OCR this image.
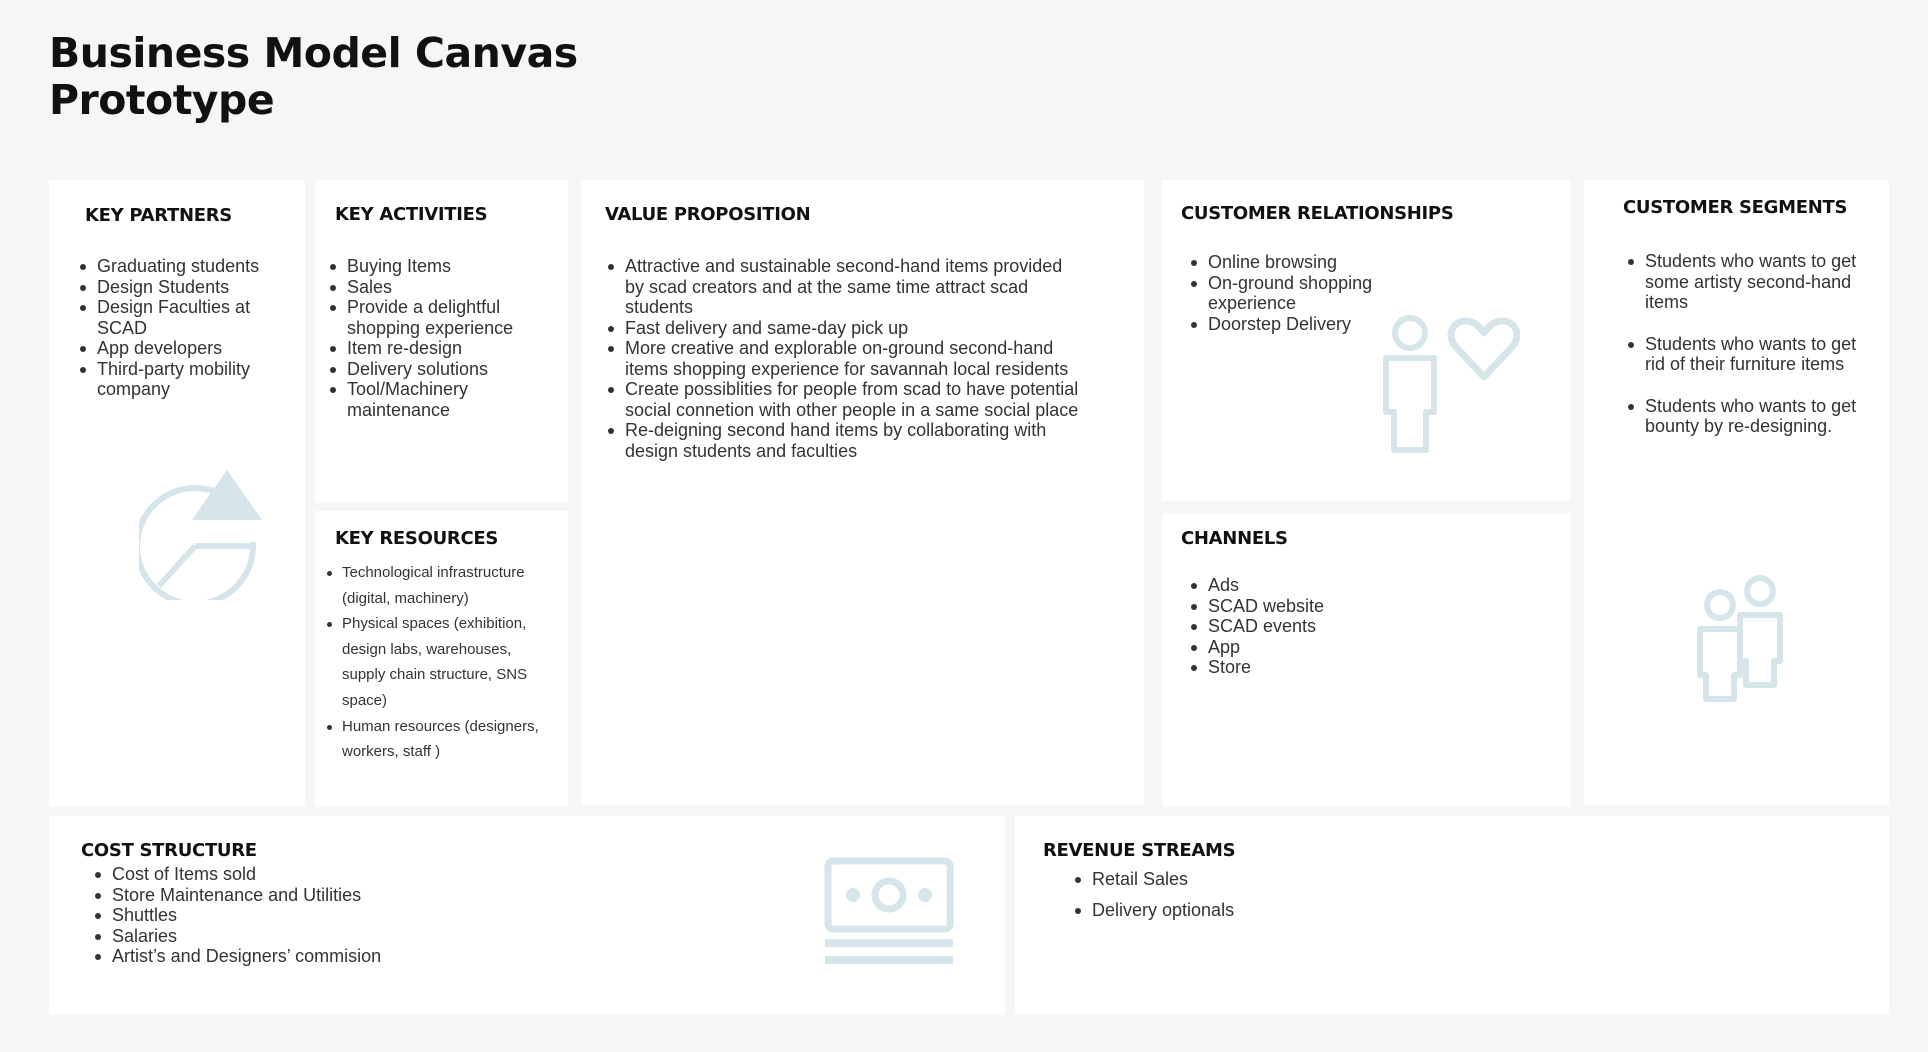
Business Model Canvas
Prototype
KEY PARTNERS
Graduating students
Design Students
Design Faculties at SCAD
App developers
Third-party mobility company
KEY ACTIVITIES
Buying Items
Sales
Provide a delightful shopping experience
Item re-design
Delivery solutions
Tool/Machinery maintenance
KEY RESOURCES
Technological infrastructure (digital, machinery)
Physical spaces (exhibition, design labs, warehouses, supply chain structure, SNS space)
Human resources (designers, workers, staff )
VALUE PROPOSITION
Attractive and sustainable second-hand items provided by scad creators and at the same time attract scad students
Fast delivery and same-day pick up
More creative and explorable on-ground second-hand items shopping experience for savannah local residents
Create possiblities for people from scad to have potential social connetion with other people in a same social place
Re-deigning second hand items by collaborating with design students and faculties
CUSTOMER RELATIONSHIPS
Online browsing
On-ground shopping experience
Doorstep Delivery
CHANNELS
Ads
SCAD website
SCAD events
App
Store
CUSTOMER SEGMENTS
Students who wants to get some artisty second-hand items
Students who wants to get rid of their furniture items
Students who wants to get bounty by re-designing.
COST STRUCTURE
Cost of Items sold
Store Maintenance and Utilities
Shuttles
Salaries
Artist’s and Designers’ commision
REVENUE STREAMS
Retail Sales
Delivery optionals
